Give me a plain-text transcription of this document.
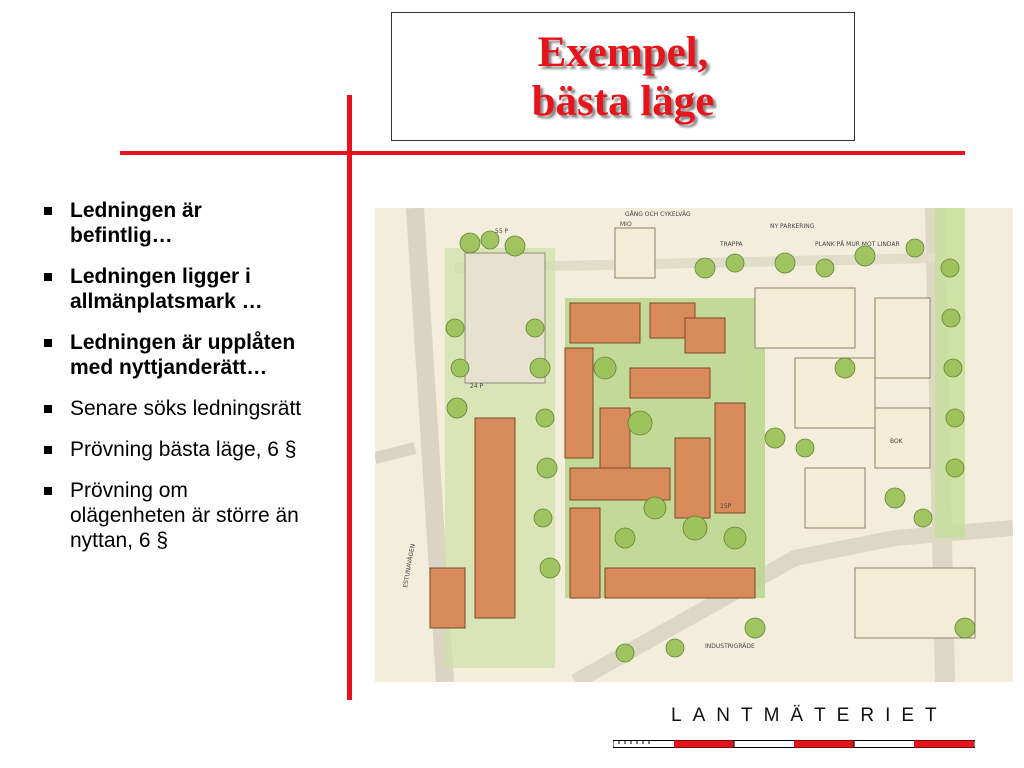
Exempel,
bästa läge
Ledningen är befintlig…
Ledningen ligger i allmänplatsmark …
Ledningen är upplåten med nyttjanderätt…
Senare söks ledningsrätt
Prövning bästa läge, 6 §
Prövning om olägenheten är större än nyttan, 6 §
55 P
NY PARKERING
TRAPPA	PLANK PÅ MUR MOT LINDAR
24 P
BOK
INDUSTRIGRÄDE
MIO
15P
GÅNG OCH CYKELVÄG
ESTUNAVÄGEN
LANTMÄTERIET
